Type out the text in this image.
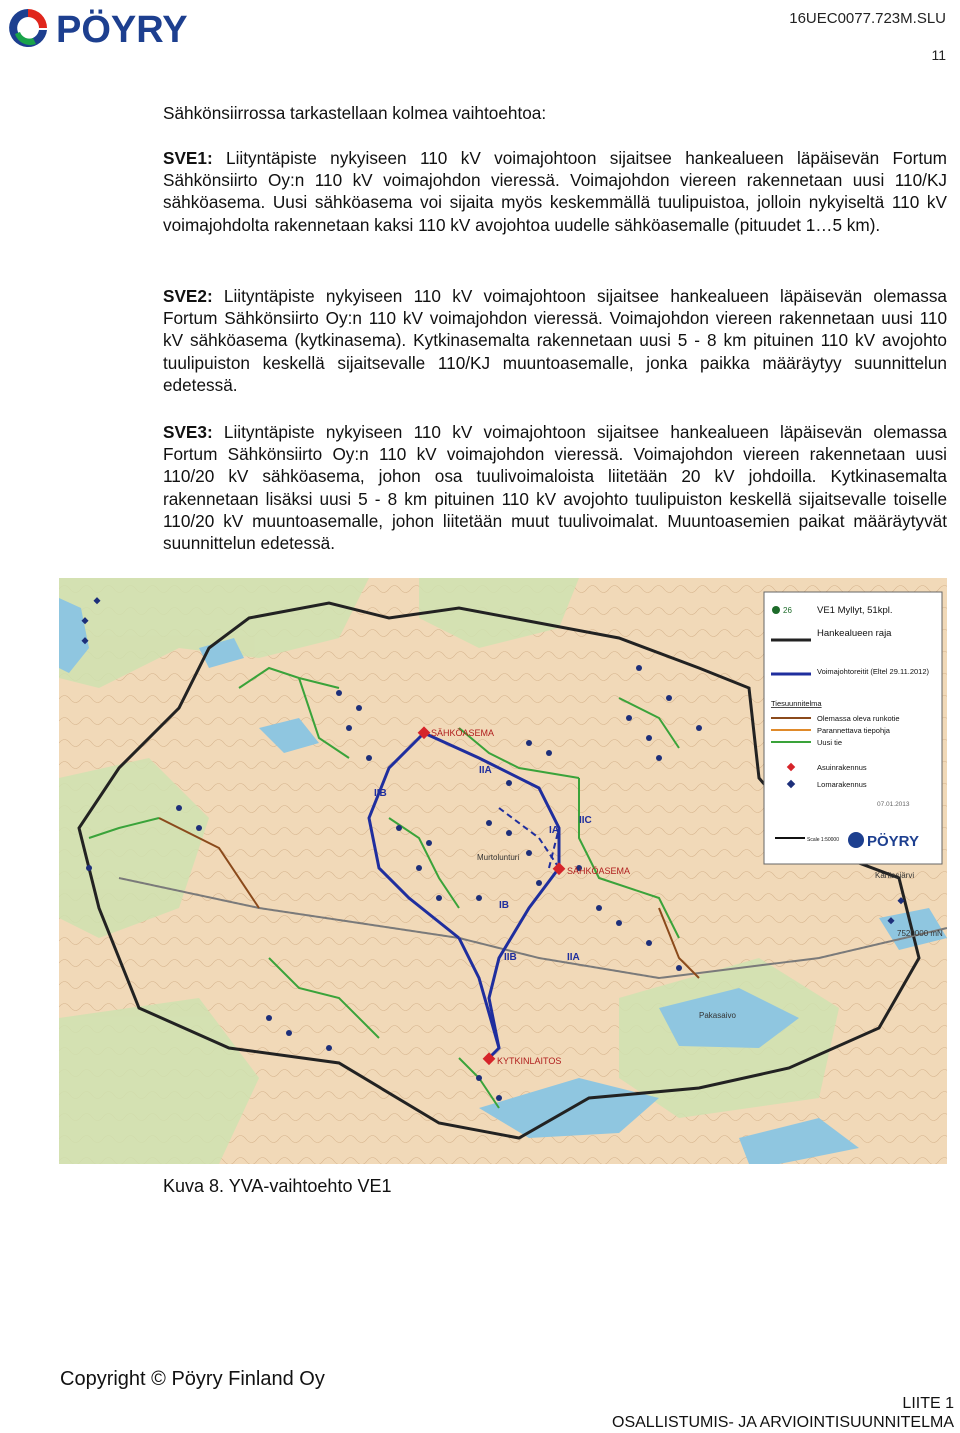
PÖYRY	16UEC0077.723M.SLU
11
Sähkönsiirrossa tarkastellaan kolmea vaihtoehtoa:
SVE1: Liityntäpiste nykyiseen 110 kV voimajohtoon sijaitsee hankealueen läpäisevän Fortum Sähkönsiirto Oy:n 110 kV voimajohdon vieressä. Voimajohdon viereen rakennetaan uusi 110/KJ sähköasema. Uusi sähköasema voi sijaita myös keskemmällä tuulipuistoa, jolloin nykyiseltä 110 kV voimajohdolta rakennetaan kaksi 110 kV avojohtoa uudelle sähköasemalle (pituudet 1…5 km).
SVE2: Liityntäpiste nykyiseen 110 kV voimajohtoon sijaitsee hankealueen läpäisevän olemassa Fortum Sähkönsiirto Oy:n 110 kV voimajohdon vieressä. Voimajohdon viereen rakennetaan uusi 110 kV sähköasema (kytkinasema). Kytkinasemalta rakennetaan uusi 5 - 8 km pituinen 110 kV avojohto tuulipuiston keskellä sijaitsevalle 110/KJ muuntoasemalle, jonka paikka määräytyy suunnittelun edetessä.
SVE3: Liityntäpiste nykyiseen 110 kV voimajohtoon sijaitsee hankealueen läpäisevän olemassa Fortum Sähkönsiirto Oy:n 110 kV voimajohdon vieressä. Voimajohdon viereen rakennetaan uusi 110/20 kV sähköasema, johon osa tuulivoimaloista liitetään 20 kV johdoilla. Kytkinasemalta rakennetaan lisäksi uusi 5 - 8 km pituinen 110 kV avojohto tuulipuiston keskellä sijaitsevalle toiselle 110/20 kV muuntoasemalle, johon liitetään muut tuulivoimalat. Muuntoasemien paikat määräytyvät suunnittelun edetessä.
SÄHKÖASEMA
SÄHKÖASEMA
KYTKINLAITOS
IIA
IIB
IIC
IA
IB
IIB	IIA
Murtolunturi
Pakasaivo
Karilasjärvi
7520000 mN
26	VE1 Myllyt, 51kpl.
Hankealueen raja
Voimajohtoreitit (Eltel 29.11.2012)
Tiesuunnitelma
Olemassa oleva runkotie
Parannettava tiepohja
Uusi tie
Asuinrakennus
Lomarakennus
07.01.2013
Scale 1:50000 PÖYRY
Kuva 8. YVA-vaihtoehto VE1
Copyright © Pöyry Finland Oy
LIITE 1
OSALLISTUMIS- JA ARVIOINTISUUNNITELMA
